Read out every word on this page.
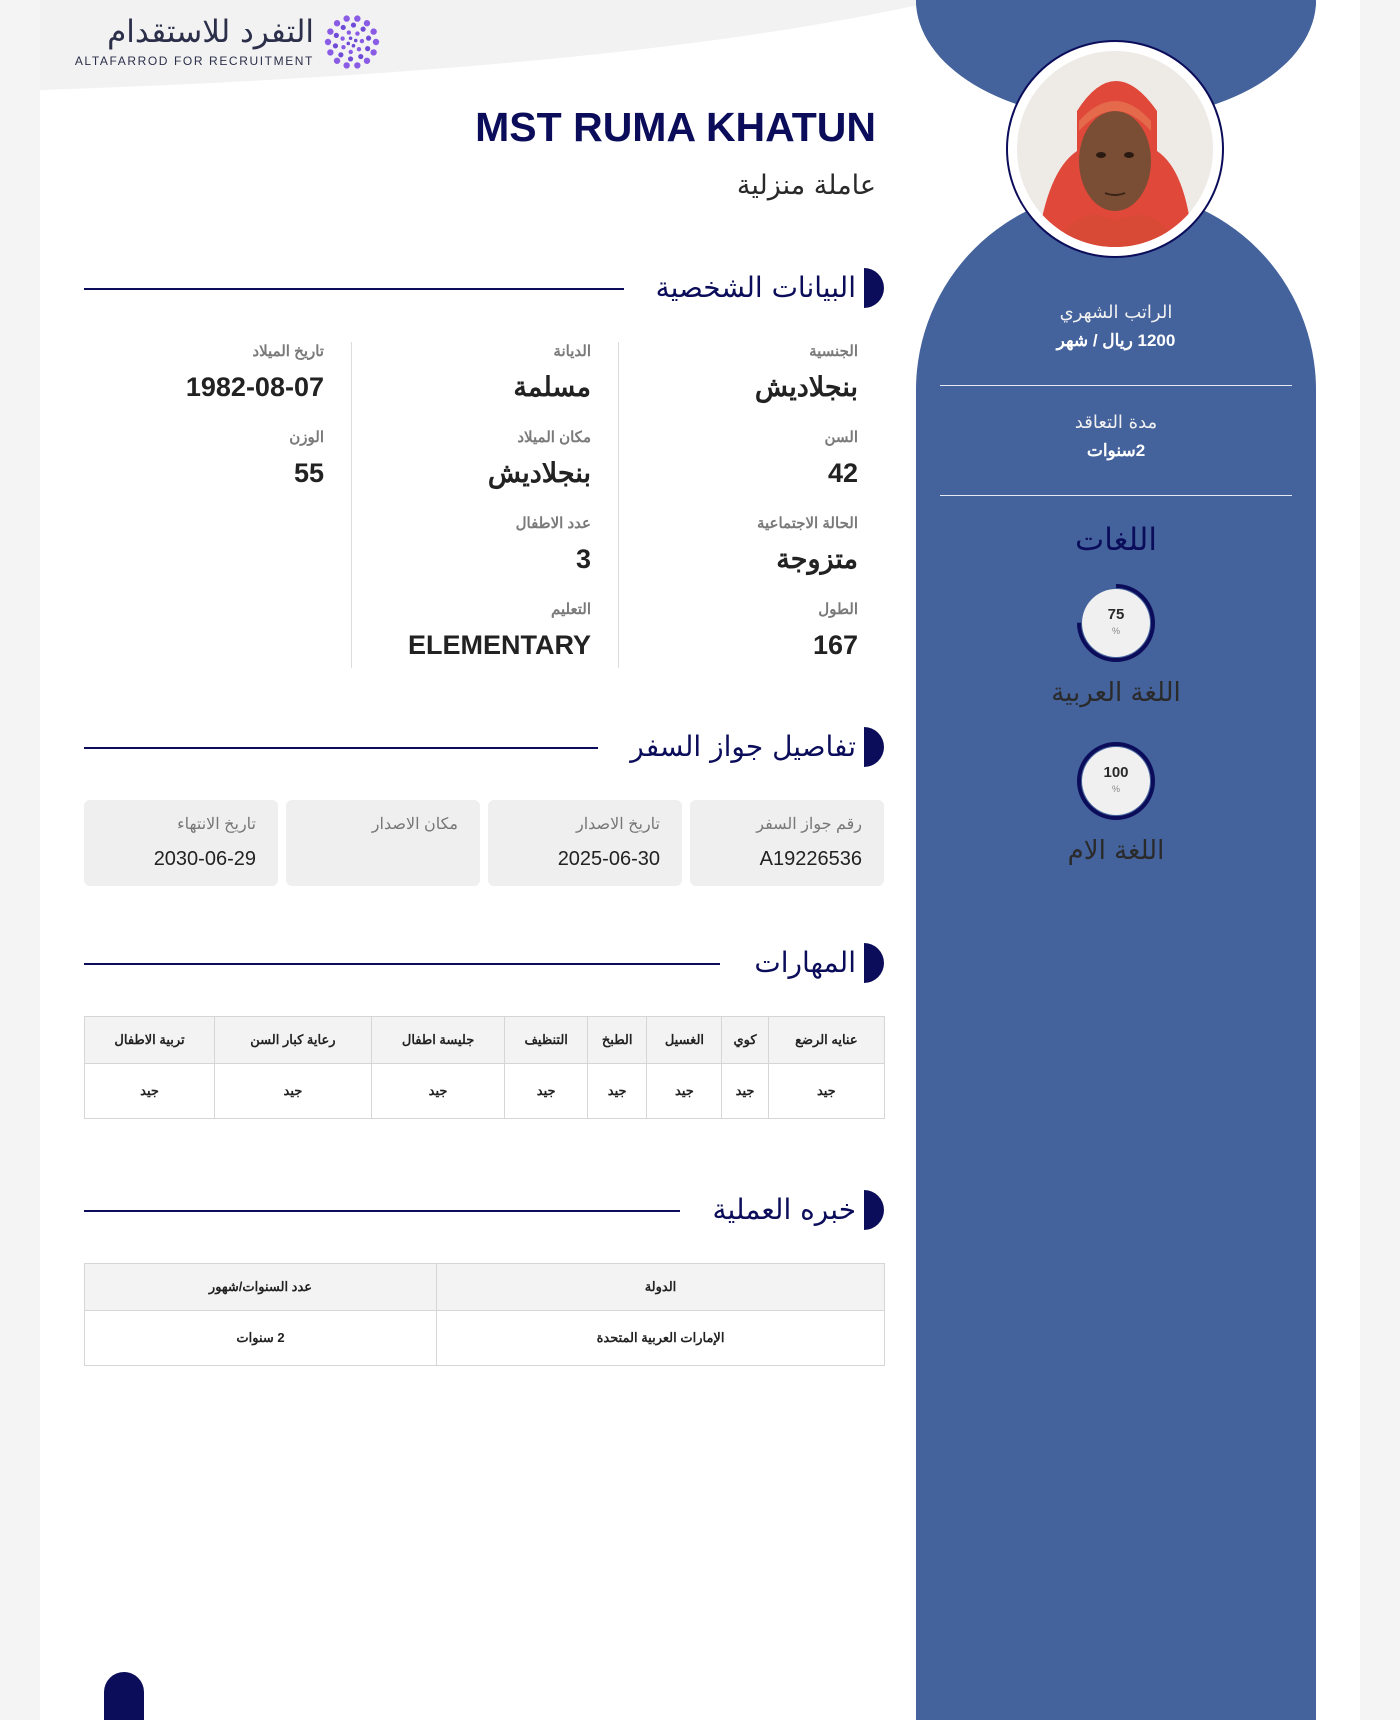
التفرد للاستقدام
ALTAFARROD FOR RECRUITMENT
الراتب الشهري
1200 ريال / شهر
مدة التعاقد
2سنوات
اللغات
75
%
اللغة العربية
100
%
اللغة الام
MST RUMA KHATUN
عاملة منزلية
البيانات الشخصية
الجنسية
بنجلاديش
السن
42
الحالة الاجتماعية
متزوجة
الطول
167
الديانة
مسلمة
مكان الميلاد
بنجلاديش
عدد الاطفال
3
التعليم
ELEMENTARY
تاريخ الميلاد
1982-08-07
الوزن
55
تفاصيل جواز السفر
رقم جواز السفر
A19226536
تاريخ الاصدار
2025-06-30
مكان الاصدار
تاريخ الانتهاء
2030-06-29
المهارات
عنايه الرضع	كوي	الغسيل	الطبخ	التنظيف	جليسة اطفال	رعاية كبار السن	تربية الاطفال
جيد	جيد	جيد	جيد	جيد	جيد	جيد	جيد
خبره العملية
الدولة	عدد السنوات/شهور
الإمارات العربية المتحدة	2 سنوات
